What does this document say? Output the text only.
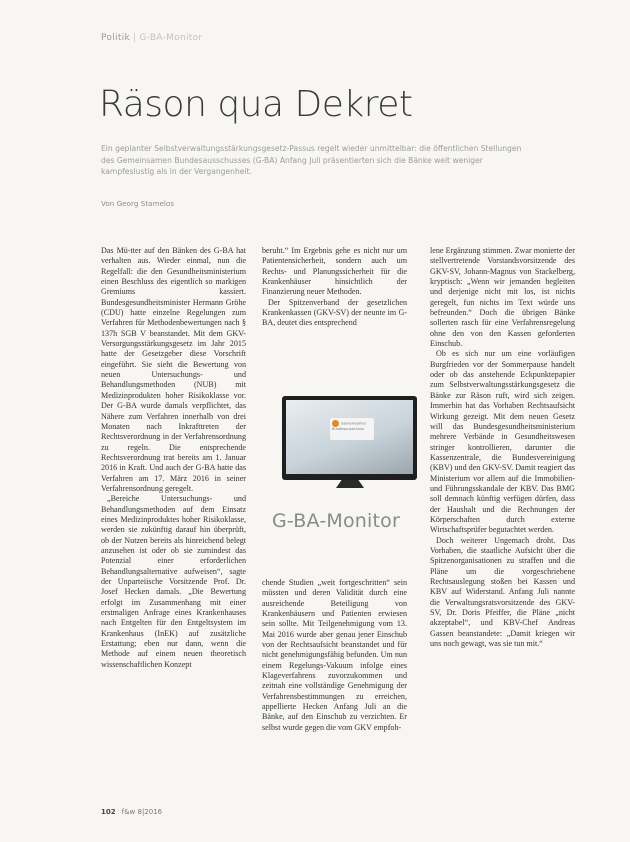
Politik | G-BA-Monitor
Räson qua Dekret
Ein geplanter Selbstverwaltungsstärkungsgesetz-Passus regelt wieder unmittelbar: die öffentlichen Stellungen des Gemeinsamen Bundesausschusses (G-BA) Anfang Juli präsentierten sich die Bänke weit weniger kampfeslustig als in der Vergangenheit.
Von Georg Stamelos

Das Mü-tter auf den Bänken des G-BA hat verhalten aus. Wieder einmal, nun die Regelfall: die den Gesundheitsministerium einen Beschluss des eigentlich so markigen Gremiums kassiert. Bundesgesundheitsminister Hermann Gröhe (CDU) hatte einzelne Regelungen zum Verfahren für Methodenbewertungen nach § 137h SGB V beanstandet. Mit dem GKV-Versorgungsstärkungsgesetz im Jahr 2015 hatte der Gesetzgeber diese Vorschrift eingeführt. Sie sieht die Bewertung von neuen Untersuchungs- und Behandlungsmethoden (NUB) mit Medizinprodukten hoher Risikoklasse vor. Der G-BA wurde damals verpflichtet, das Nähere zum Verfahren innerhalb von drei Monaten nach Inkrafttreten der Rechtsverordnung in der Verfahrensordnung zu regeln. Die entsprechende Rechtsverordnung trat bereits am 1. Januar 2016 in Kraft. Und auch der G-BA hatte das Verfahren am 17. März 2016 in seiner Verfahrensordnung geregelt.

„Bereiche Untersuchungs- und Behandlungsmethoden auf dem Einsatz eines Medizinproduktes hoher Risikoklasse, werden sie zukünftig darauf hin überprüft, ob der Nutzen bereits als hinreichend belegt anzusehen ist oder ob sie zumindest das Potenzial einer erforderlichen Behandlungsalternative aufweisen“, sagte der Unparteiische Vorsitzende Prof. Dr. Josef Hecken damals. „Die Bewertung erfolgt im Zusammenhang mit einer erstmaligen Anfrage eines Krankenhauses nach Entgelten für den Entgeltsystem im Krankenhaus (InEK) auf zusätzliche Erstattung; eben nur dann, wenn die Methode auf einem neuen theoretisch wissenschaftlichen Konzept

beruht.“ Im Ergebnis gehe es nicht nur um Patientensicherheit, sondern auch um Rechts- und Planungssicherheit für die Krankenhäuser hinsichtlich der Finanzierung neuer Methoden.

Der Spitzenverband der gesetzlichen Krankenkassen (GKV-SV) der neunte im G-BA, deutet dies entsprechend

Gemeinsamer
Bundesausschuss
G-BA-Monitor

chende Studien „weit fortgeschritten“ sein müssten und deren Validität durch eine ausreichende Beteiligung von Krankenhäusern und Patienten erwiesen sein sollte. Mit Teilgenehmigung vom 13. Mai 2016 wurde aber genau jener Einschub von der Rechtsaufsicht beanstandet und für nicht genehmigungsfähig befunden. Um nun einem Regelungs-Vakuum infolge eines Klageverfahrens zuvorzukommen und zeitnah eine vollständige Genehmigung der Verfahrensbestimmungen zu erreichen, appellierte Hecken Anfang Juli an die Bänke, auf den Einschub zu verzichten. Er selbst wurde gegen die vom GKV empfoh-

lene Ergänzung stimmen. Zwar monierte der stellvertretende Vorstandsvorsitzende des GKV-SV, Johann-Magnus von Stackelberg, kryptisch: „Wenn wir jemanden begleiten und derjenige nicht mit los, ist nichts geregelt, fun nichts im Text würde uns befreunden.“ Doch die übrigen Bänke sollerten rasch für eine Verfahrensregelung ohne den von den Kassen geforderten Einschub.

Ob es sich nur um eine vorläufigen Burgfrieden vor der Sommerpause handelt oder ob das anstehende Eckpunktepapier zum Selbstverwaltungsstärkungsgesetz die Bänke zur Räson ruft, wird sich zeigen. Immerhin hat das Vorhaben Rechtsaufsicht Wirkung gezeigt. Mit dem neuen Gesetz will das Bundesgesundheitsministerium mehrere Verbände in Gesundheitswesen stringer kontrollieren, darunter die Kassenzentrale, die Bundesvereinigung (KBV) und den GKV-SV. Damit reagiert das Ministerium vor allem auf die Immobilien- und Führungsskandale der KBV. Das BMG soll demnach künftig verfügen dürfen, dass der Haushalt und die Rechnungen der Körperschaften durch externe Wirtschaftsprüfer begutachtet werden.

Doch weiterer Ungemach droht. Das Vorhaben, die staatliche Aufsicht über die Spitzenorganisationen zu straffen und die Pläne um die vorgeschriebene Rechtsauslegung stoßen bei Kassen und KBV auf Widerstand. Anfang Juli nannte die Verwaltungsratsvorsitzende des GKV-SV, Dr. Doris Pfeiffer, die Pläne „nicht akzeptabel“, und KBV-Chef Andreas Gassen beanstandete: „Damit kriegen wir uns noch gewagt, was sie tun mit.“

102 f&w 8|2016
